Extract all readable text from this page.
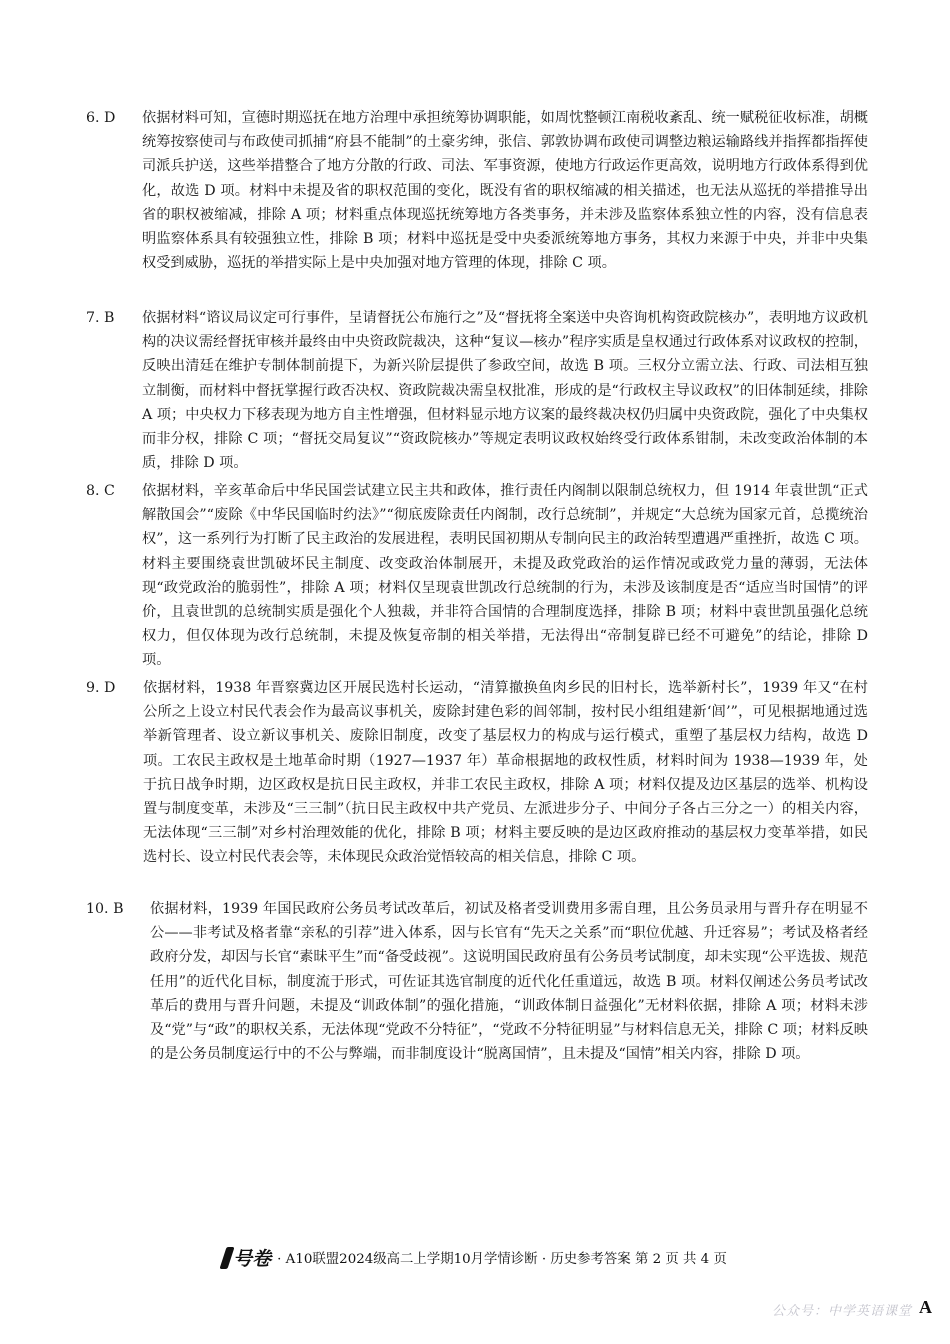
6. D 依据材料可知，宣德时期巡抚在地方治理中承担统筹协调职能，如周忱整顿江南税收紊乱、统一赋税征收标准，胡概统筹按察使司与布政使司抓捕“府县不能制”的土豪劣绅，张信、郭敦协调布政使司调整边粮运输路线并指挥都指挥使司派兵护送，这些举措整合了地方分散的行政、司法、军事资源，使地方行政运作更高效，说明地方行政体系得到优化，故选 D 项。材料中未提及省的职权范围的变化，既没有省的职权缩减的相关描述，也无法从巡抚的举措推导出省的职权被缩减，排除 A 项；材料重点体现巡抚统筹地方各类事务，并未涉及监察体系独立性的内容，没有信息表明监察体系具有较强独立性，排除 B 项；材料中巡抚是受中央委派统筹地方事务，其权力来源于中央，并非中央集权受到威胁，巡抚的举措实际上是中央加强对地方管理的体现，排除 C 项。
7. B 依据材料“谘议局议定可行事件，呈请督抚公布施行之”及“督抚将全案送中央咨询机构资政院核办”，表明地方议政机构的决议需经督抚审核并最终由中央资政院裁决，这种“复议—核办”程序实质是皇权通过行政体系对议政权的控制，反映出清廷在维护专制体制前提下，为新兴阶层提供了参政空间，故选 B 项。三权分立需立法、行政、司法相互独立制衡，而材料中督抚掌握行政否决权、资政院裁决需皇权批准，形成的是“行政权主导议政权”的旧体制延续，排除 A 项；中央权力下移表现为地方自主性增强，但材料显示地方议案的最终裁决权仍归属中央资政院，强化了中央集权而非分权，排除 C 项；“督抚交局复议”“资政院核办”等规定表明议政权始终受行政体系钳制，未改变政治体制的本质，排除 D 项。
8. C 依据材料，辛亥革命后中华民国尝试建立民主共和政体，推行责任内阁制以限制总统权力，但 1914 年袁世凯“正式解散国会”“废除《中华民国临时约法》”“彻底废除责任内阁制，改行总统制”，并规定“大总统为国家元首，总揽统治权”，这一系列行为打断了民主政治的发展进程，表明民国初期从专制向民主的政治转型遭遇严重挫折，故选 C 项。材料主要围绕袁世凯破坏民主制度、改变政治体制展开，未提及政党政治的运作情况或政党力量的薄弱，无法体现“政党政治的脆弱性”，排除 A 项；材料仅呈现袁世凯改行总统制的行为，未涉及该制度是否“适应当时国情”的评价，且袁世凯的总统制实质是强化个人独裁，并非符合国情的合理制度选择，排除 B 项；材料中袁世凯虽强化总统权力，但仅体现为改行总统制，未提及恢复帝制的相关举措，无法得出“帝制复辟已经不可避免”的结论，排除 D 项。
9. D 依据材料，1938 年晋察冀边区开展民选村长运动，“清算撤换鱼肉乡民的旧村长，选举新村长”，1939 年又“在村公所之上设立村民代表会作为最高议事机关，废除封建色彩的闾邻制，按村民小组组建新‘闾’”，可见根据地通过选举新管理者、设立新议事机关、废除旧制度，改变了基层权力的构成与运行模式，重塑了基层权力结构，故选 D 项。工农民主政权是土地革命时期（1927—1937 年）革命根据地的政权性质，材料时间为 1938—1939 年，处于抗日战争时期，边区政权是抗日民主政权，并非工农民主政权，排除 A 项；材料仅提及边区基层的选举、机构设置与制度变革，未涉及“三三制”（抗日民主政权中共产党员、左派进步分子、中间分子各占三分之一）的相关内容，无法体现“三三制”对乡村治理效能的优化，排除 B 项；材料主要反映的是边区政府推动的基层权力变革举措，如民选村长、设立村民代表会等，未体现民众政治觉悟较高的相关信息，排除 C 项。
10. B 依据材料，1939 年国民政府公务员考试改革后，初试及格者受训费用多需自理，且公务员录用与晋升存在明显不公——非考试及格者靠“亲私的引荐”进入体系，因与长官有“先天之关系”而“职位优越、升迁容易”；考试及格者经政府分发，却因与长官“素昧平生”而“备受歧视”。这说明国民政府虽有公务员考试制度，却未实现“公平选拔、规范任用”的近代化目标，制度流于形式，可佐证其选官制度的近代化任重道远，故选 B 项。材料仅阐述公务员考试改革后的费用与晋升问题，未提及“训政体制”的强化措施，“训政体制日益强化”无材料依据，排除 A 项；材料未涉及“党”与“政”的职权关系，无法体现“党政不分特征”，“党政不分特征明显”与材料信息无关，排除 C 项；材料反映的是公务员制度运行中的不公与弊端，而非制度设计“脱离国情”，且未提及“国情”相关内容，排除 D 项。
号卷 · A10联盟2024级高二上学期10月学情诊断 · 历史参考答案 第 2 页 共 4 页
公众号：中学英语课堂 A
